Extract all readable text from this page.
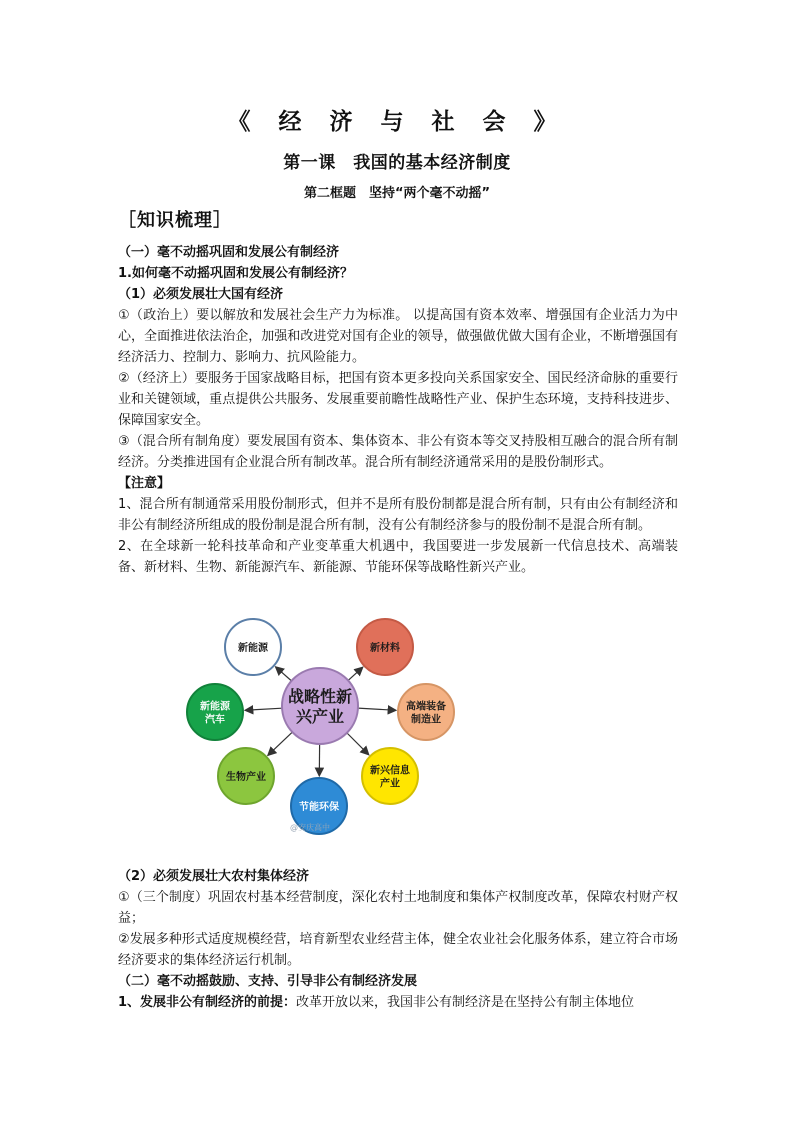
《 经 济 与 社 会 》
第一课　我国的基本经济制度
第二框题　坚持“两个毫不动摇”
［知识梳理］

（一）毫不动摇巩固和发展公有制经济

1.如何毫不动摇巩固和发展公有制经济？

（1）必须发展壮大国有经济

①（政治上）要以解放和发展社会生产力为标准。 以提高国有资本效率、增强国有企业活力为中心，全面推进依法治企，加强和改进党对国有企业的领导，做强做优做大国有企业，不断增强国有经济活力、控制力、影响力、抗风险能力。

②（经济上）要服务于国家战略目标，把国有资本更多投向关系国家安全、国民经济命脉的重要行业和关键领域，重点提供公共服务、发展重要前瞻性战略性产业、保护生态环境，支持科技进步、保障国家安全。

③（混合所有制角度）要发展国有资本、集体资本、非公有资本等交叉持股相互融合的混合所有制经济。分类推进国有企业混合所有制改革。混合所有制经济通常采用的是股份制形式。

【注意】

1、混合所有制通常采用股份制形式，但并不是所有股份制都是混合所有制，只有由公有制经济和非公有制经济所组成的股份制是混合所有制，没有公有制经济参与的股份制不是混合所有制。

2、在全球新一轮科技革命和产业变革重大机遇中，我国要进一步发展新一代信息技术、高端装备、新材料、生物、新能源汽车、新能源、节能环保等战略性新兴产业。

新能源	新材料
高端装备
制造业
新兴信息
产业
节能环保
生物产业
新能源
汽车
战略性新
兴产业
@安庆高中

（2）必须发展壮大农村集体经济

①（三个制度）巩固农村基本经营制度，深化农村土地制度和集体产权制度改革，保障农村财产权益；

②发展多种形式适度规模经营，培育新型农业经营主体，健全农业社会化服务体系，建立符合市场经济要求的集体经济运行机制。

（二）毫不动摇鼓励、支持、引导非公有制经济发展

1、发展非公有制经济的前提：改革开放以来，我国非公有制经济是在坚持公有制主体地位
